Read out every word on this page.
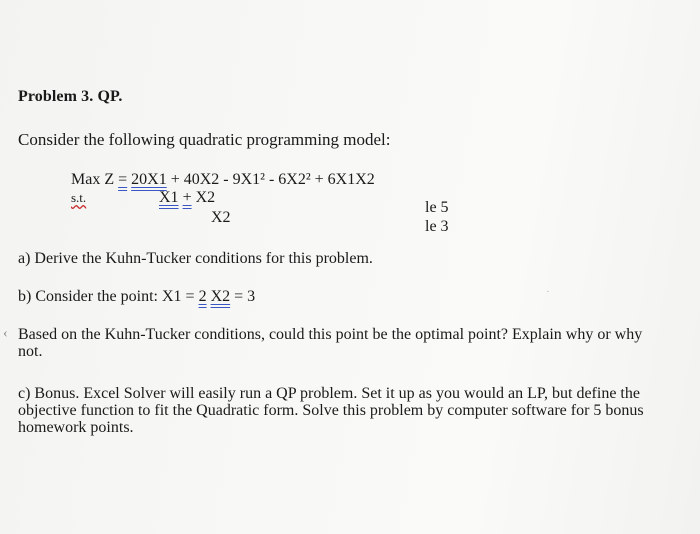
Problem 3. QP.
Consider the following quadratic programming model:
Max Z = 20X1 + 40X2 - 9X1² - 6X2² + 6X1X2
s.t.	X1 + X2
X2
le 5
le 3
a) Derive the Kuhn-Tucker conditions for this problem.
b) Consider the point: X1 = 2 X2 = 3
Based on the Kuhn-Tucker conditions, could this point be the optimal point? Explain why or why not.
c) Bonus. Excel Solver will easily run a QP problem. Set it up as you would an LP, but define the objective function to fit the Quadratic form. Solve this problem by computer software for 5 bonus homework points.
·
‹
